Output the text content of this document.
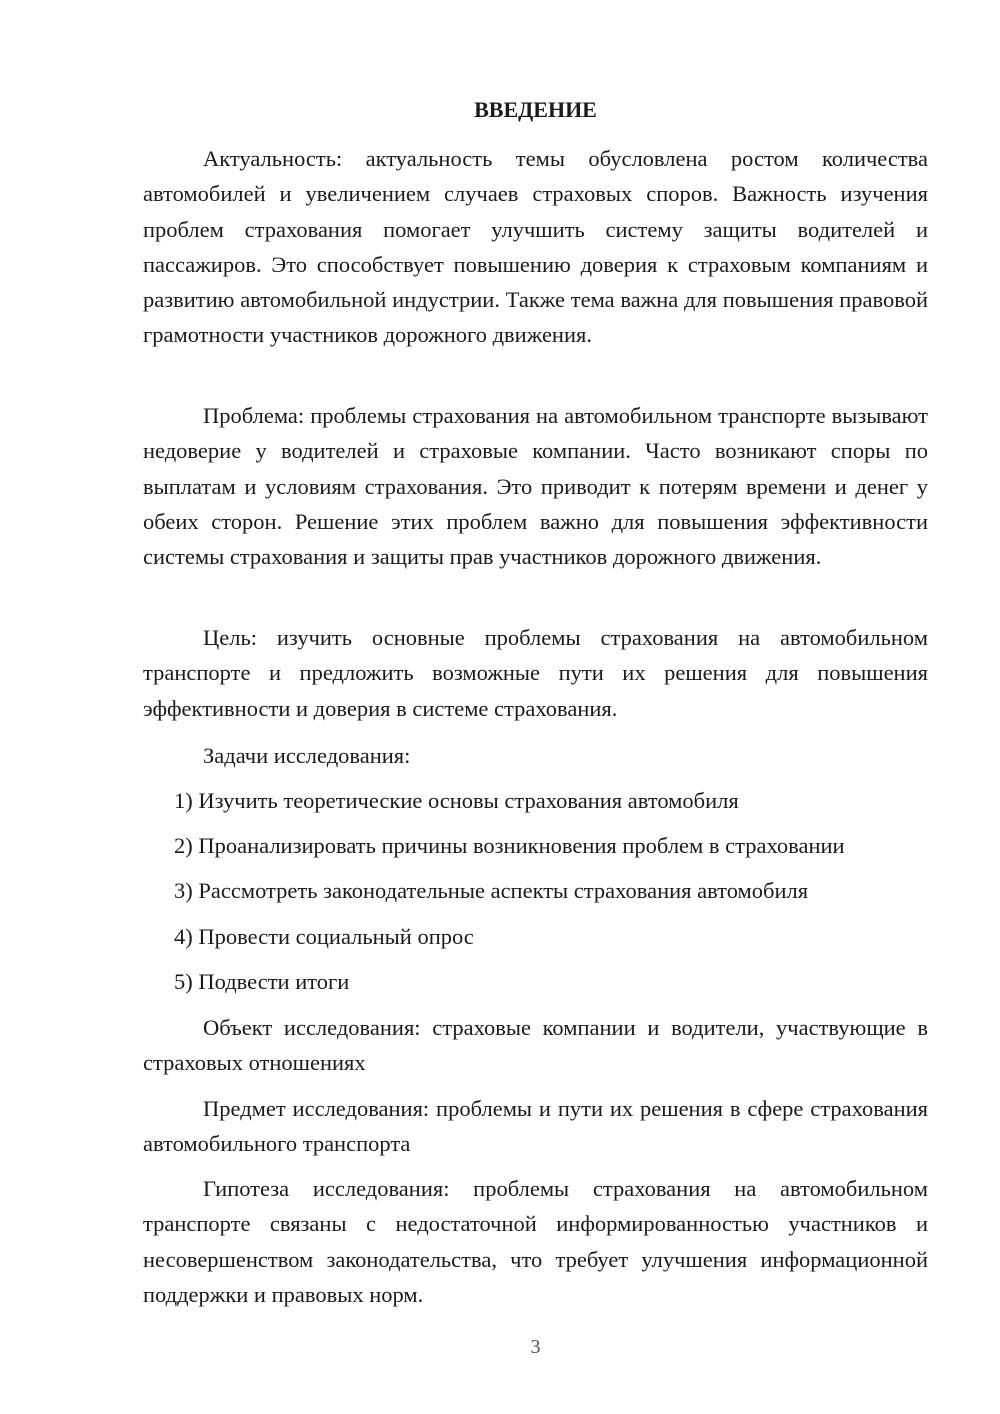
ВВЕДЕНИЕ

Актуальность: актуальность темы обусловлена ростом количества автомобилей и увеличением случаев страховых споров. Важность изучения проблем страхования помогает улучшить систему защиты водителей и пассажиров. Это способствует повышению доверия к страховым компаниям и развитию автомобильной индустрии. Также тема важна для повышения правовой грамотности участников дорожного движения.

Проблема: проблемы страхования на автомобильном транспорте вызывают недоверие у водителей и страховые компании. Часто возникают споры по выплатам и условиям страхования. Это приводит к потерям времени и денег у обеих сторон. Решение этих проблем важно для повышения эффективности системы страхования и защиты прав участников дорожного движения.

Цель: изучить основные проблемы страхования на автомобильном транспорте и предложить возможные пути их решения для повышения эффективности и доверия в системе страхования.

Задачи исследования:

1) Изучить теоретические основы страхования автомобиля

2) Проанализировать причины возникновения проблем в страховании

3) Рассмотреть законодательные аспекты страхования автомобиля

4) Провести социальный опрос

5) Подвести итоги

Объект исследования: страховые компании и водители, участвующие в страховых отношениях

Предмет исследования: проблемы и пути их решения в сфере страхования автомобильного транспорта

Гипотеза исследования: проблемы страхования на автомобильном транспорте связаны с недостаточной информированностью участников и несовершенством законодательства, что требует улучшения информационной поддержки и правовых норм.

3
